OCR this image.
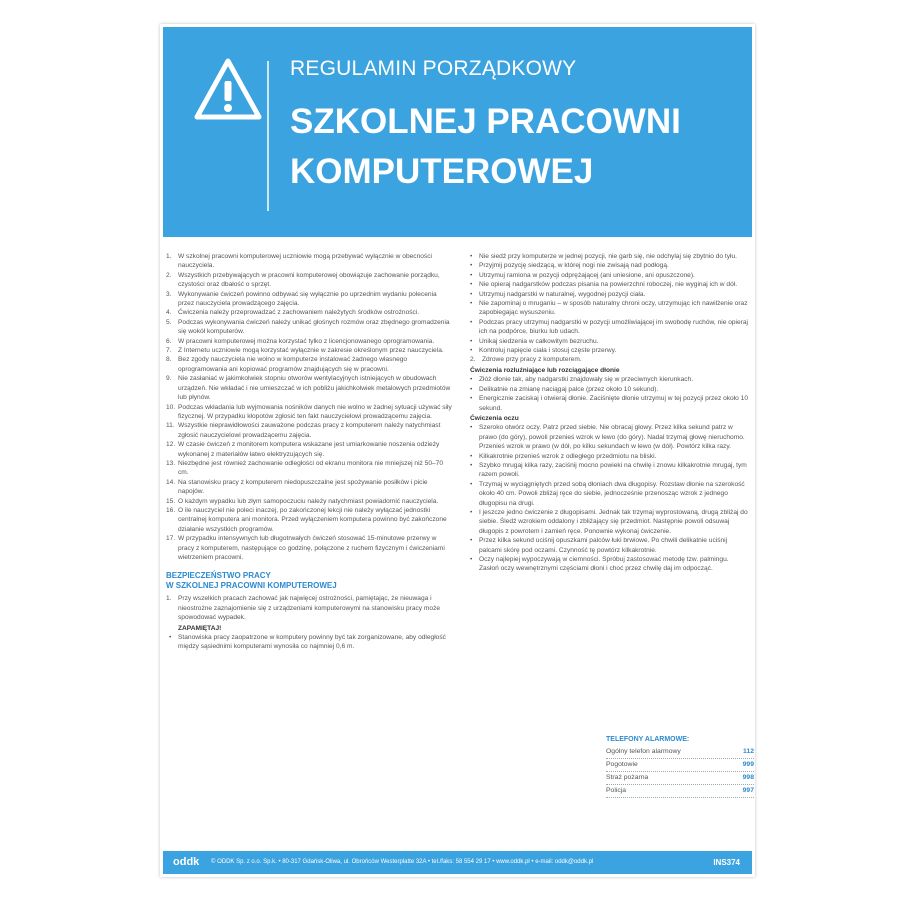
REGULAMIN PORZĄDKOWY
SZKOLNEJ PRACOWNI
KOMPUTEROWEJ
1. W szkolnej pracowni komputerowej uczniowie mogą przebywać wyłącznie w obecności nauczyciela.
2. Wszystkich przebywających w pracowni komputerowej obowiązuje zachowanie porządku, czystości oraz dbałość o sprzęt.
3. Wykonywanie ćwiczeń powinno odbywać się wyłącznie po uprzednim wydaniu polecenia przez nauczyciela prowadzącego zajęcia.
4. Ćwiczenia należy przeprowadzać z zachowaniem należytych środków ostrożności.
5. Podczas wykonywania ćwiczeń należy unikać głośnych rozmów oraz zbędnego gromadzenia się wokół komputerów.
6. W pracowni komputerowej można korzystać tylko z licencjonowanego oprogramowania.
7. Z Internetu uczniowie mogą korzystać wyłącznie w zakresie określonym przez nauczyciela.
8. Bez zgody nauczyciela nie wolno w komputerze instalować żadnego własnego oprogramowania ani kopiować programów znajdujących się w pracowni.
9. Nie zasłaniać w jakimkolwiek stopniu otworów wentylacyjnych istniejących w obudowach urządzeń. Nie wkładać i nie umieszczać w ich pobliżu jakichkolwiek metalowych przedmiotów lub płynów.
10. Podczas wkładania lub wyjmowania nośników danych nie wolno w żadnej sytuacji używać siły fizycznej. W przypadku kłopotów zgłosić ten fakt nauczycielowi prowadzącemu zajęcia.
11. Wszystkie nieprawidłowości zauważone podczas pracy z komputerem należy natychmiast zgłosić nauczycielowi prowadzącemu zajęcia.
12. W czasie ćwiczeń z monitorem komputera wskazane jest umiarkowanie noszenia odzieży wykonanej z materiałów łatwo elektryzujących się.
13. Niezbędne jest również zachowanie odległości od ekranu monitora nie mniejszej niż 50–70 cm.
14. Na stanowisku pracy z komputerem niedopuszczalne jest spożywanie posiłków i picie napojów.
15. O każdym wypadku lub złym samopoczuciu należy natychmiast powiadomić nauczyciela.
16. O ile nauczyciel nie poleci inaczej, po zakończonej lekcji nie należy wyłączać jednostki centralnej komputera ani monitora. Przed wyłączeniem komputera powinno być zakończone działanie wszystkich programów.
17. W przypadku intensywnych lub długotrwałych ćwiczeń stosować 15-minutowe przerwy w pracy z komputerem, następujące co godzinę, połączone z ruchem fizycznym i ćwiczeniami wietrzeniem pracowni.
BEZPIECZEŃSTWO PRACY
W SZKOLNEJ PRACOWNI KOMPUTEROWEJ
1. Przy wszelkich pracach zachować jak najwięcej ostrożności, pamiętając, że nieuwaga i nieostrożne zaznajomienie się z urządzeniami komputerowymi na stanowisku pracy może spowodować wypadek.
ZAPAMIĘTAJ!
•	Stanowiska pracy zaopatrzone w komputery powinny być tak zorganizowane, aby odległość między sąsiednimi komputerami wynosiła co najmniej 0,6 m.
•	Nie siedź przy komputerze w jednej pozycji, nie garb się, nie odchylaj się zbytnio do tyłu.
•	Przyjmij pozycję siedzącą, w której nogi nie zwisają nad podłogą.
•	Utrzymuj ramiona w pozycji odprężającej (ani uniesione, ani opuszczone).
•	Nie opieraj nadgarstków podczas pisania na powierzchni roboczej, nie wyginaj ich w dół.
•	Utrzymuj nadgarstki w naturalnej, wygodnej pozycji ciała.
•	Nie zapominaj o mruganiu – w sposób naturalny chroni oczy, utrzymując ich nawilżenie oraz zapobiegając wysuszeniu.
•	Podczas pracy utrzymuj nadgarstki w pozycji umożliwiającej im swobodę ruchów, nie opieraj ich na podpórce, biurku lub udach.
•	Unikaj siedzenia w całkowitym bezruchu.
•	Kontroluj napięcie ciała i stosuj częste przerwy.
2. Zdrowe przy pracy z komputerem.
Ćwiczenia rozluźniające lub rozciągające dłonie
•	Złóż dłonie tak, aby nadgarstki znajdowały się w przeciwnych kierunkach.
•	Delikatnie na zmianę naciągaj palce (przez około 10 sekund).
•	Energicznie zaciskaj i otwieraj dłonie. Zaciśnięte dłonie utrzymuj w tej pozycji przez około 10 sekund.
Ćwiczenia oczu
•	Szeroko otwórz oczy. Patrz przed siebie. Nie obracaj głowy. Przez kilka sekund patrz w prawo (do góry), powoli przenieś wzrok w lewo (do góry). Nadal trzymaj głowę nieruchomo. Przenieś wzrok w prawo (w dół, po kilku sekundach w lewo (w dół). Powtórz kilka razy.
•	Kilkakrotnie przenieś wzrok z odległego przedmiotu na bliski.
•	Szybko mrugaj kilka razy, zaciśnij mocno powieki na chwilę i znowu kilkakrotnie mrugaj, tym razem powoli.
•	Trzymaj w wyciągniętych przed sobą dłoniach dwa długopisy. Rozstaw dłonie na szerokość około 40 cm. Powoli zbliżaj ręce do siebie, jednocześnie przenosząc wzrok z jednego długopisu na drugi.
•	I jeszcze jedno ćwiczenie z długopisami. Jednak tak trzymaj wyprostowaną, drugą zbliżaj do siebie. Śledź wzrokiem oddalony i zbliżający się przedmiot. Następnie powoli odsuwaj długopis z powrotem i zamień ręce. Ponownie wykonaj ćwiczenie.
•	Przez kilka sekund uciśnij opuszkami palców łuki brwiowe. Po chwili delikatnie uciśnij palcami skórę pod oczami. Czynność tę powtórz kilkakrotnie.
•	Oczy najlepiej wypoczywają w ciemności. Spróbuj zastosować metodę tzw. palmingu. Zasłoń oczy wewnętrznymi częściami dłoni i choć przez chwilę daj im odpocząć.
TELEFONY ALARMOWE:
Ogólny telefon alarmowy	112
Pogotowie	999
Straż pożarna	998
Policja	997
oddk © ODDK Sp. z o.o. Sp.k. • 80-317 Gdańsk-Oliwa, ul. Obrońców Westerplatte 32A • tel./faks: 58 554 29 17 • www.oddk.pl • e-mail: oddk@oddk.pl	INS374
